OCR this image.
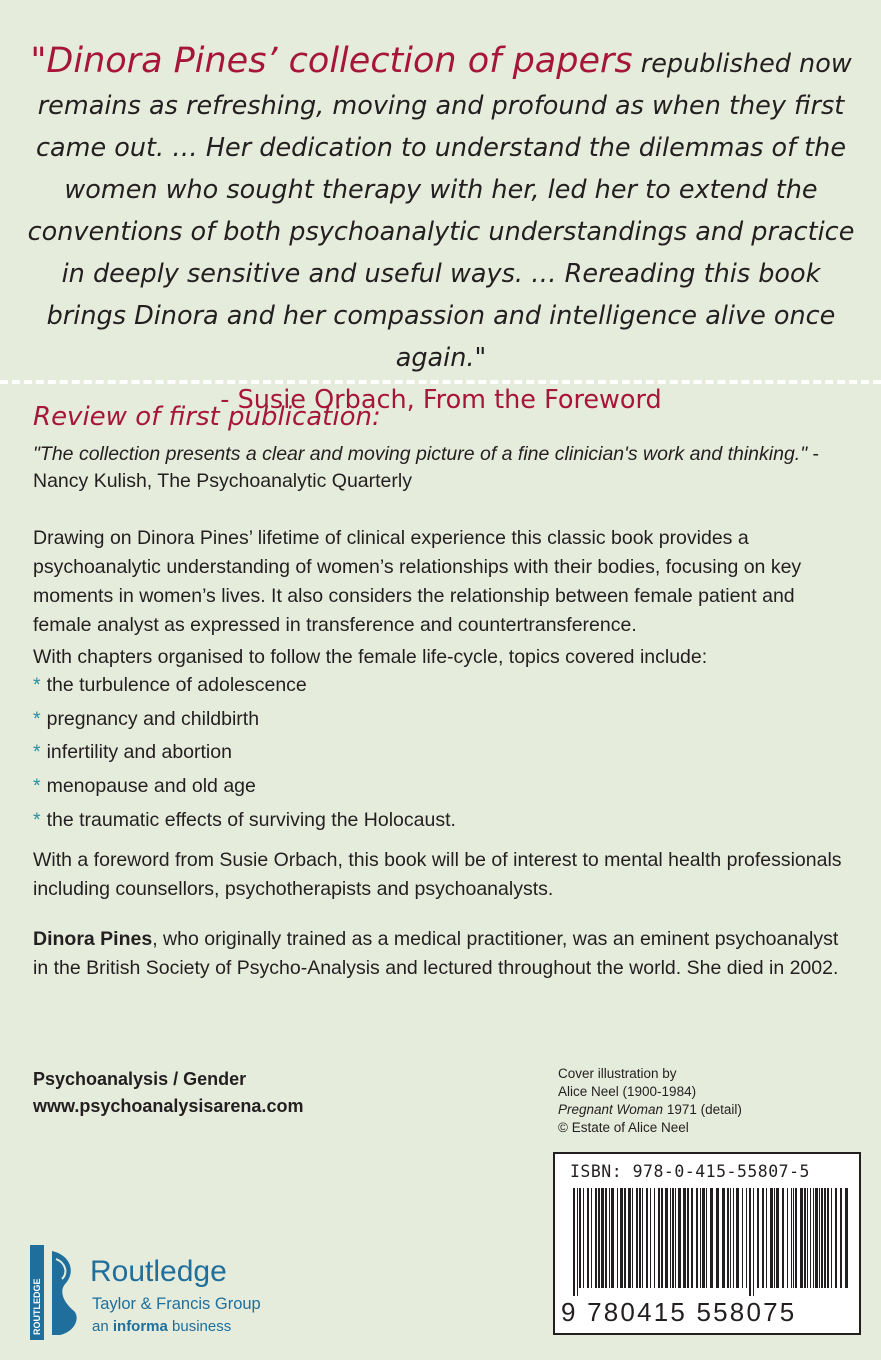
"Dinora Pines’ collection of papers republished now remains as refreshing, moving and profound as when they first came out. … Her dedication to understand the dilemmas of the women who sought therapy with her, led her to extend the conventions of both psychoanalytic understandings and practice in deeply sensitive and useful ways. … Rereading this book brings Dinora and her compassion and intelligence alive once again."
- Susie Orbach, From the Foreword
Review of first publication:

"The collection presents a clear and moving picture of a fine clinician's work and thinking." - Nancy Kulish, The Psychoanalytic Quarterly

Drawing on Dinora Pines’ lifetime of clinical experience this classic book provides a psychoanalytic understanding of women’s relationships with their bodies, focusing on key moments in women’s lives. It also considers the relationship between female patient and female analyst as expressed in transference and countertransference.

With chapters organised to follow the female life-cycle, topics covered include:

* the turbulence of adolescence
* pregnancy and childbirth
* infertility and abortion
* menopause and old age
* the traumatic effects of surviving the Holocaust.

With a foreword from Susie Orbach, this book will be of interest to mental health professionals including counsellors, psychotherapists and psychoanalysts.

Dinora Pines, who originally trained as a medical practitioner, was an eminent psychoanalyst in the British Society of Psycho-Analysis and lectured throughout the world. She died in 2002.

Psychoanalysis / Gender
www.psychoanalysisarena.com
Cover illustration by
Alice Neel (1900-1984)
Pregnant Woman 1971 (detail)
© Estate of Alice Neel
ISBN: 978-0-415-55807-5
9 780415 558075
ROUTLEDGE
Routledge
Taylor & Francis Group
an informa business
